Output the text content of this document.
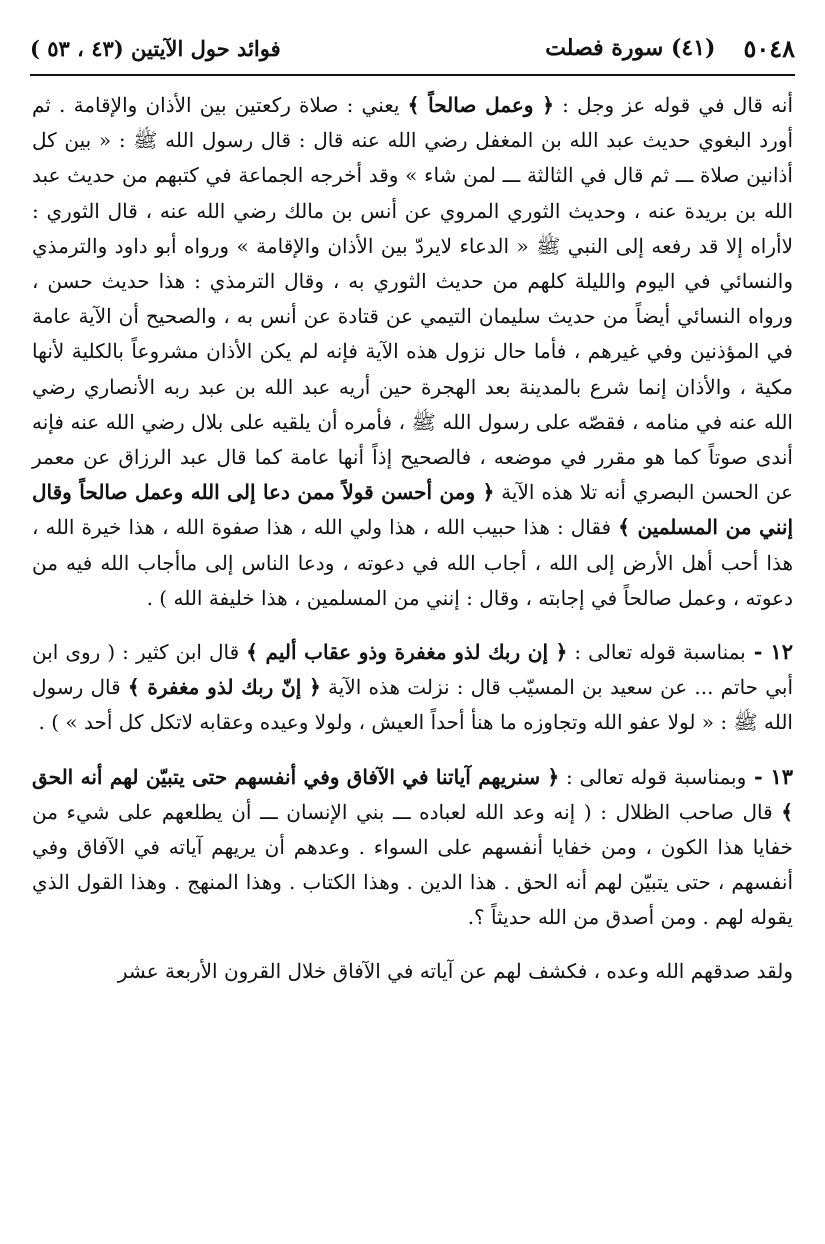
٥٠٤٨
(٤١) سورة فصلت
فوائد حول الآيتين (٤٣ ، ٥٣ )

أنه قال في قوله عز وجل : ﴿ وعمل صالحاً ﴾ يعني : صلاة ركعتين بين الأذان والإقامة . ثم أورد البغوي حديث عبد الله بن المغفل رضي الله عنه قال : قال رسول الله ﷺ : « بين كل أذانين صلاة ـــ ثم قال في الثالثة ـــ لمن شاء » وقد أخرجه الجماعة في كتبهم من حديث عبد الله بن بريدة عنه ، وحديث الثوري المروي عن أنس بن مالك رضي الله عنه ، قال الثوري : لاأراه إلا قد رفعه إلى النبي ﷺ « الدعاء لايردّ بين الأذان والإقامة » ورواه أبو داود والترمذي والنسائي في اليوم والليلة كلهم من حديث الثوري به ، وقال الترمذي : هذا حديث حسن ، ورواه النسائي أيضاً من حديث سليمان التيمي عن قتادة عن أنس به ، والصحيح أن الآية عامة في المؤذنين وفي غيرهم ، فأما حال نزول هذه الآية فإنه لم يكن الأذان مشروعاً بالكلية لأنها مكية ، والأذان إنما شرع بالمدينة بعد الهجرة حين أريه عبد الله بن عبد ربه الأنصاري رضي الله عنه في منامه ، فقصّه على رسول الله ﷺ ، فأمره أن يلقيه على بلال رضي الله عنه فإنه أندى صوتاً كما هو مقرر في موضعه ، فالصحيح إذاً أنها عامة كما قال عبد الرزاق عن معمر عن الحسن البصري أنه تلا هذه الآية ﴿ ومن أحسن قولاً ممن دعا إلى الله وعمل صالحاً وقال إنني من المسلمين ﴾ فقال : هذا حبيب الله ، هذا ولي الله ، هذا صفوة الله ، هذا خيرة الله ، هذا أحب أهل الأرض إلى الله ، أجاب الله في دعوته ، ودعا الناس إلى ماأجاب الله فيه من دعوته ، وعمل صالحاً في إجابته ، وقال : إنني من المسلمين ، هذا خليفة الله ) .

١٢ - بمناسبة قوله تعالى : ﴿ إن ربك لذو مغفرة وذو عقاب أليم ﴾ قال ابن كثير : ( روى ابن أبي حاتم ... عن سعيد بن المسيّب قال : نزلت هذه الآية ﴿ إنّ ربك لذو مغفرة ﴾ قال رسول الله ﷺ : « لولا عفو الله وتجاوزه ما هنأ أحداً العيش ، ولولا وعيده وعقابه لاتكل كل أحد » ) .

١٣ - وبمناسبة قوله تعالى : ﴿ سنريهم آياتنا في الآفاق وفي أنفسهم حتى يتبيّن لهم أنه الحق ﴾ قال صاحب الظلال : ( إنه وعد الله لعباده ـــ بني الإنسان ـــ أن يطلعهم على شيء من خفايا هذا الكون ، ومن خفايا أنفسهم على السواء . وعدهم أن يريهم آياته في الآفاق وفي أنفسهم ، حتى يتبيّن لهم أنه الحق . هذا الدين . وهذا الكتاب . وهذا المنهج . وهذا القول الذي يقوله لهم . ومن أصدق من الله حديثاً ؟.

ولقد صدقهم الله وعده ، فكشف لهم عن آياته في الآفاق خلال القرون الأربعة عشر
